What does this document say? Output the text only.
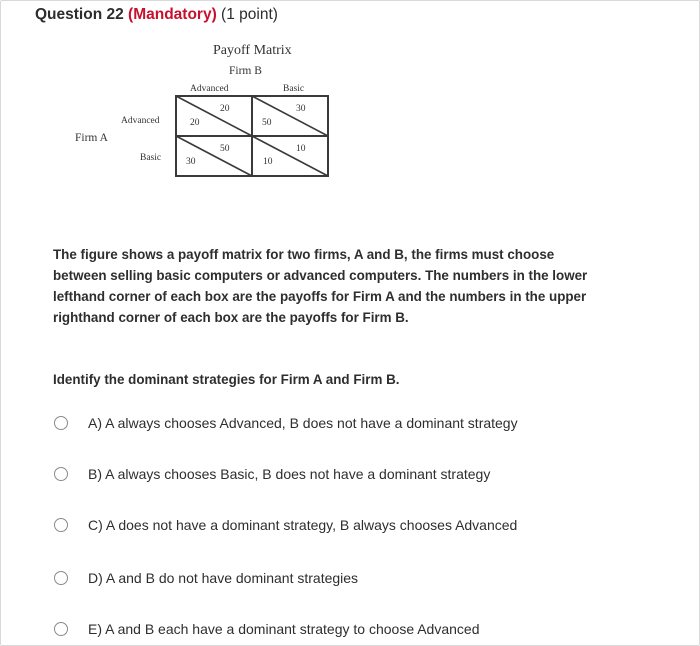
Question 22 (Mandatory) (1 point)
Payoff Matrix
Firm B
Advanced	Basic
Advanced
Basic
Firm A
20
20
30
50
50
30
10
10
The figure shows a payoff matrix for two firms, A and B, the firms must choose
between selling basic computers or advanced computers. The numbers in the lower
lefthand corner of each box are the payoffs for Firm A and the numbers in the upper
righthand corner of each box are the payoffs for Firm B.
Identify the dominant strategies for Firm A and Firm B.
A) A always chooses Advanced, B does not have a dominant strategy
B) A always chooses Basic, B does not have a dominant strategy
C) A does not have a dominant strategy, B always chooses Advanced
D) A and B do not have dominant strategies
E) A and B each have a dominant strategy to choose Advanced
